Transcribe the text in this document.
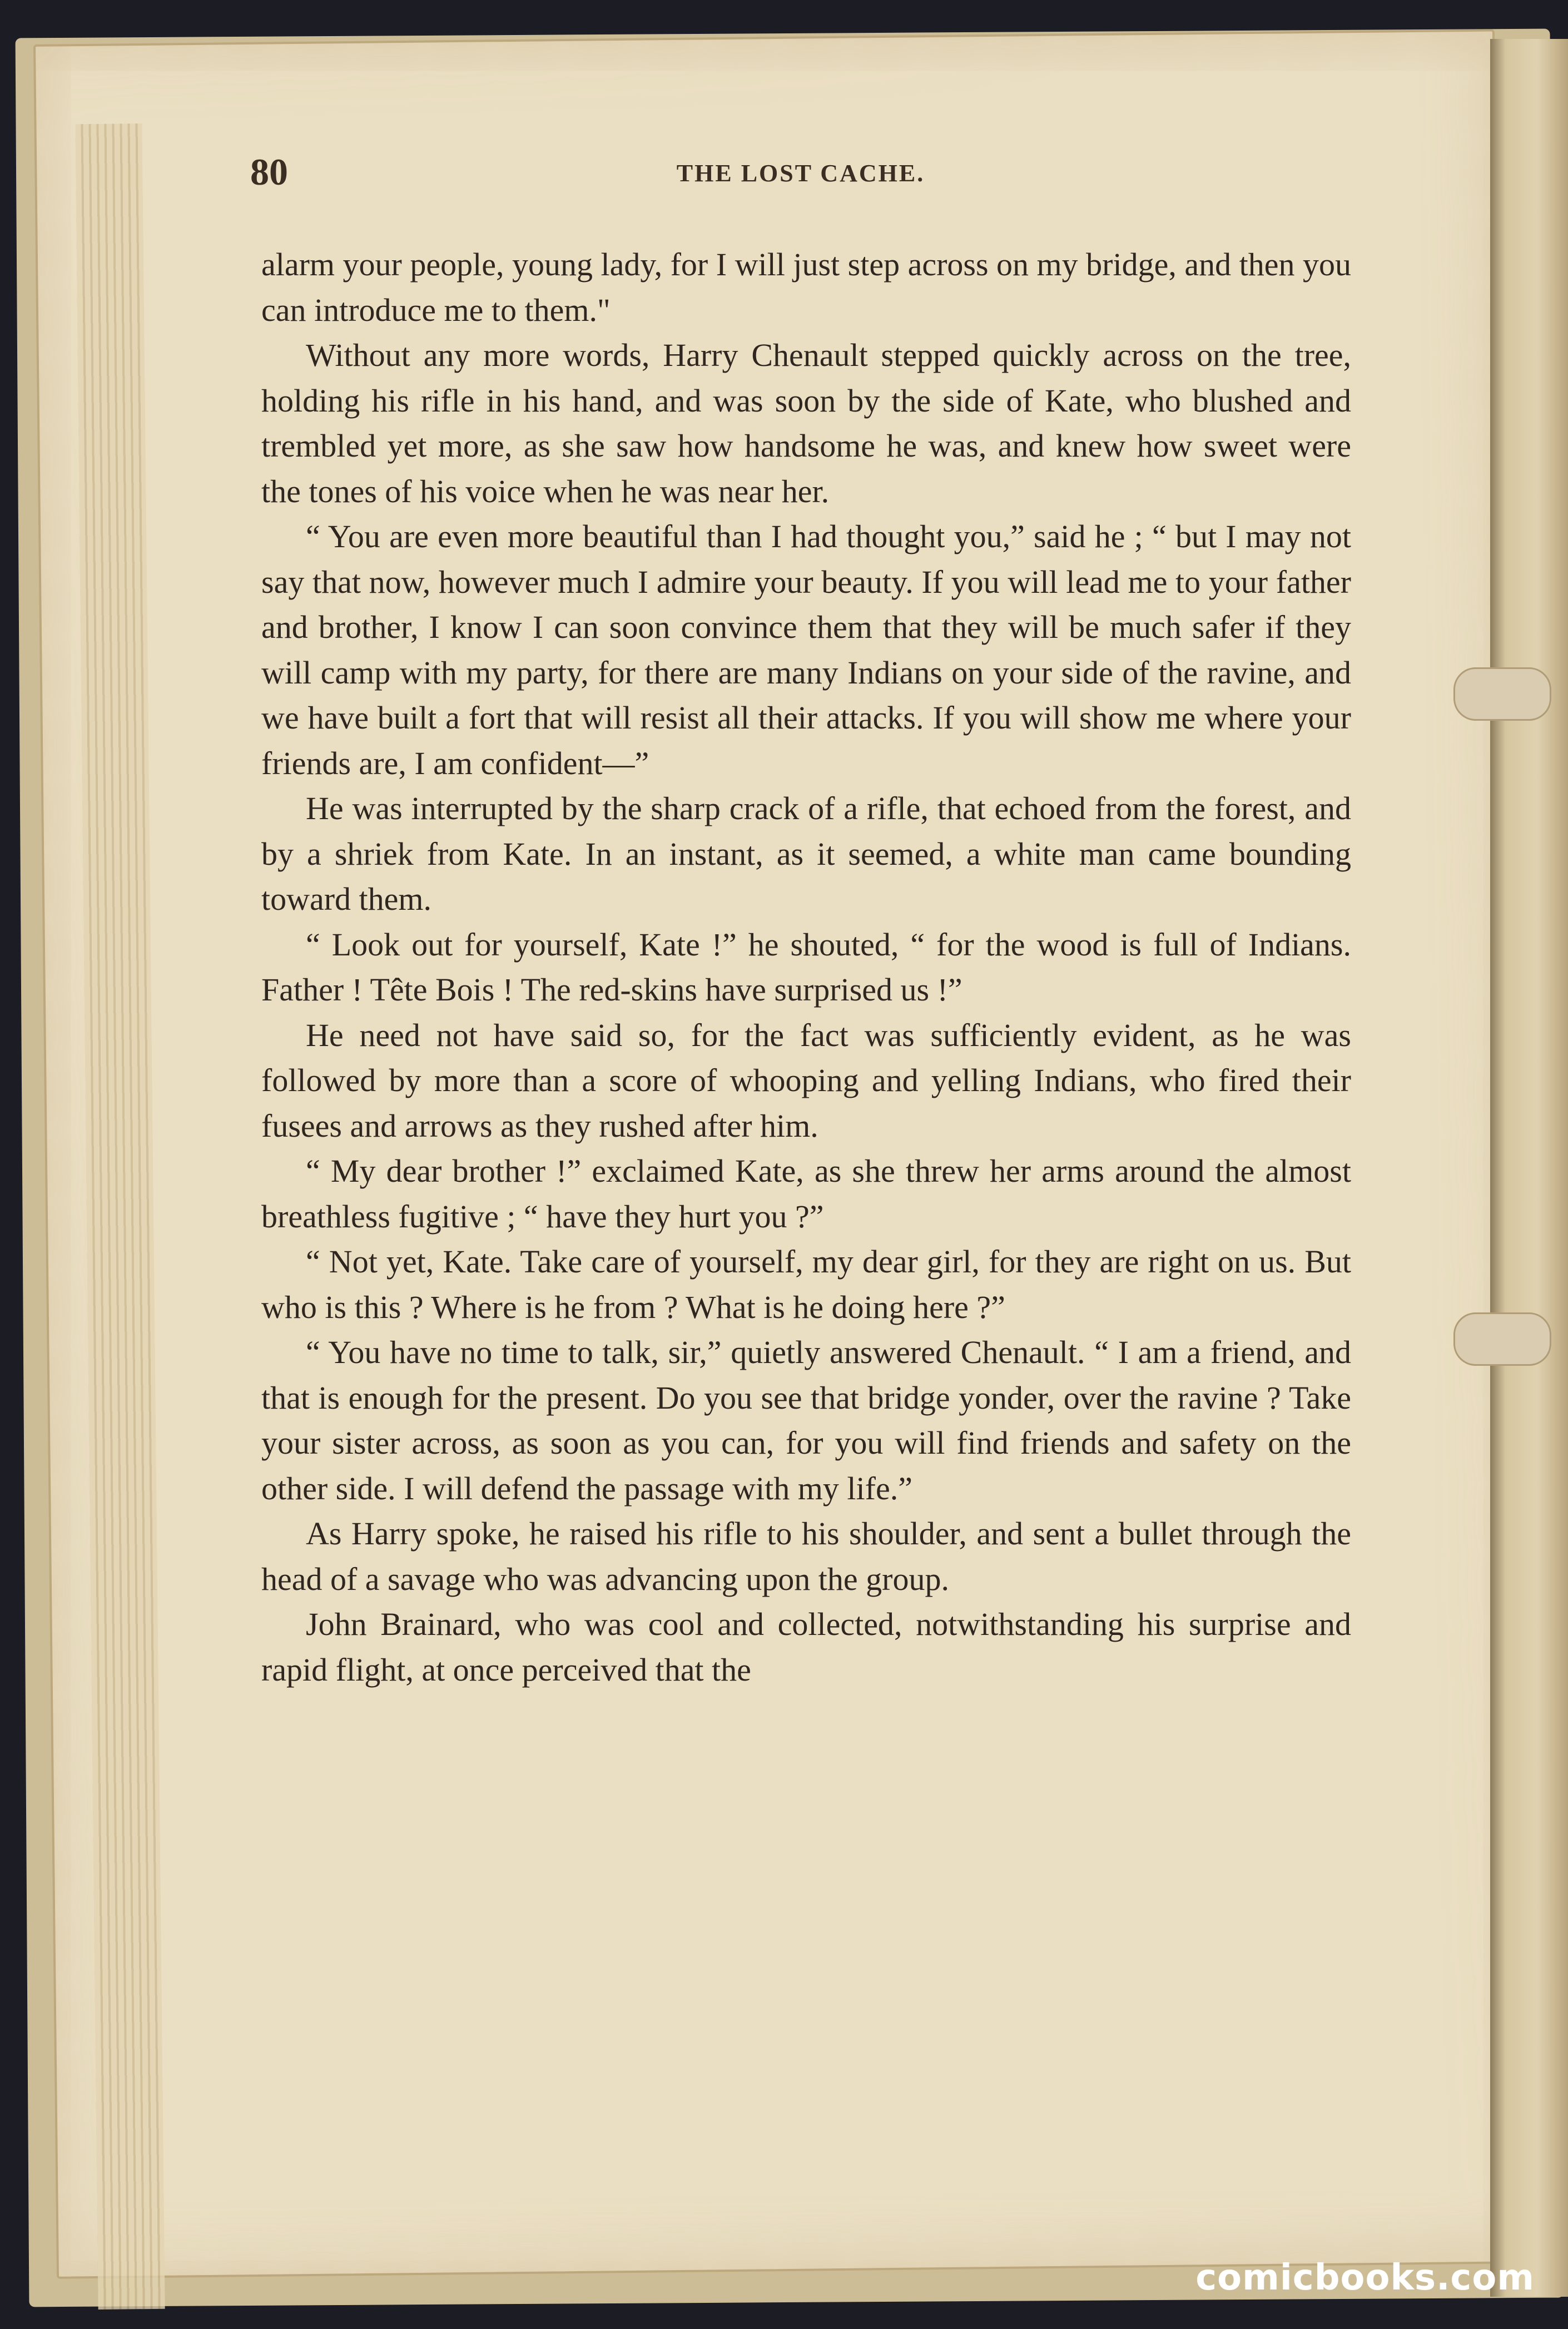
80	THE LOST CACHE.

alarm your people, young lady, for I will just step across on my bridge, and then you can introduce me to them."

Without any more words, Harry Chenault stepped quickly across on the tree, holding his rifle in his hand, and was soon by the side of Kate, who blushed and trembled yet more, as she saw how handsome he was, and knew how sweet were the tones of his voice when he was near her.

“ You are even more beautiful than I had thought you,” said he ; “ but I may not say that now, however much I admire your beauty. If you will lead me to your father and brother, I know I can soon convince them that they will be much safer if they will camp with my party, for there are many Indians on your side of the ravine, and we have built a fort that will resist all their attacks. If you will show me where your friends are, I am confident—”

He was interrupted by the sharp crack of a rifle, that echoed from the forest, and by a shriek from Kate. In an instant, as it seemed, a white man came bounding toward them.

“ Look out for yourself, Kate !” he shouted, “ for the wood is full of Indians. Father ! Tête Bois ! The red-skins have surprised us !”

He need not have said so, for the fact was sufficiently evident, as he was followed by more than a score of whooping and yelling Indians, who fired their fusees and arrows as they rushed after him.

“ My dear brother !” exclaimed Kate, as she threw her arms around the almost breathless fugitive ; “ have they hurt you ?”

“ Not yet, Kate. Take care of yourself, my dear girl, for they are right on us. But who is this ? Where is he from ? What is he doing here ?”

“ You have no time to talk, sir,” quietly answered Chenault. “ I am a friend, and that is enough for the present. Do you see that bridge yonder, over the ravine ? Take your sister across, as soon as you can, for you will find friends and safety on the other side. I will defend the passage with my life.”

As Harry spoke, he raised his rifle to his shoulder, and sent a bullet through the head of a savage who was advancing upon the group.

John Brainard, who was cool and collected, notwithstanding his surprise and rapid flight, at once perceived that the

comicbooks.com
